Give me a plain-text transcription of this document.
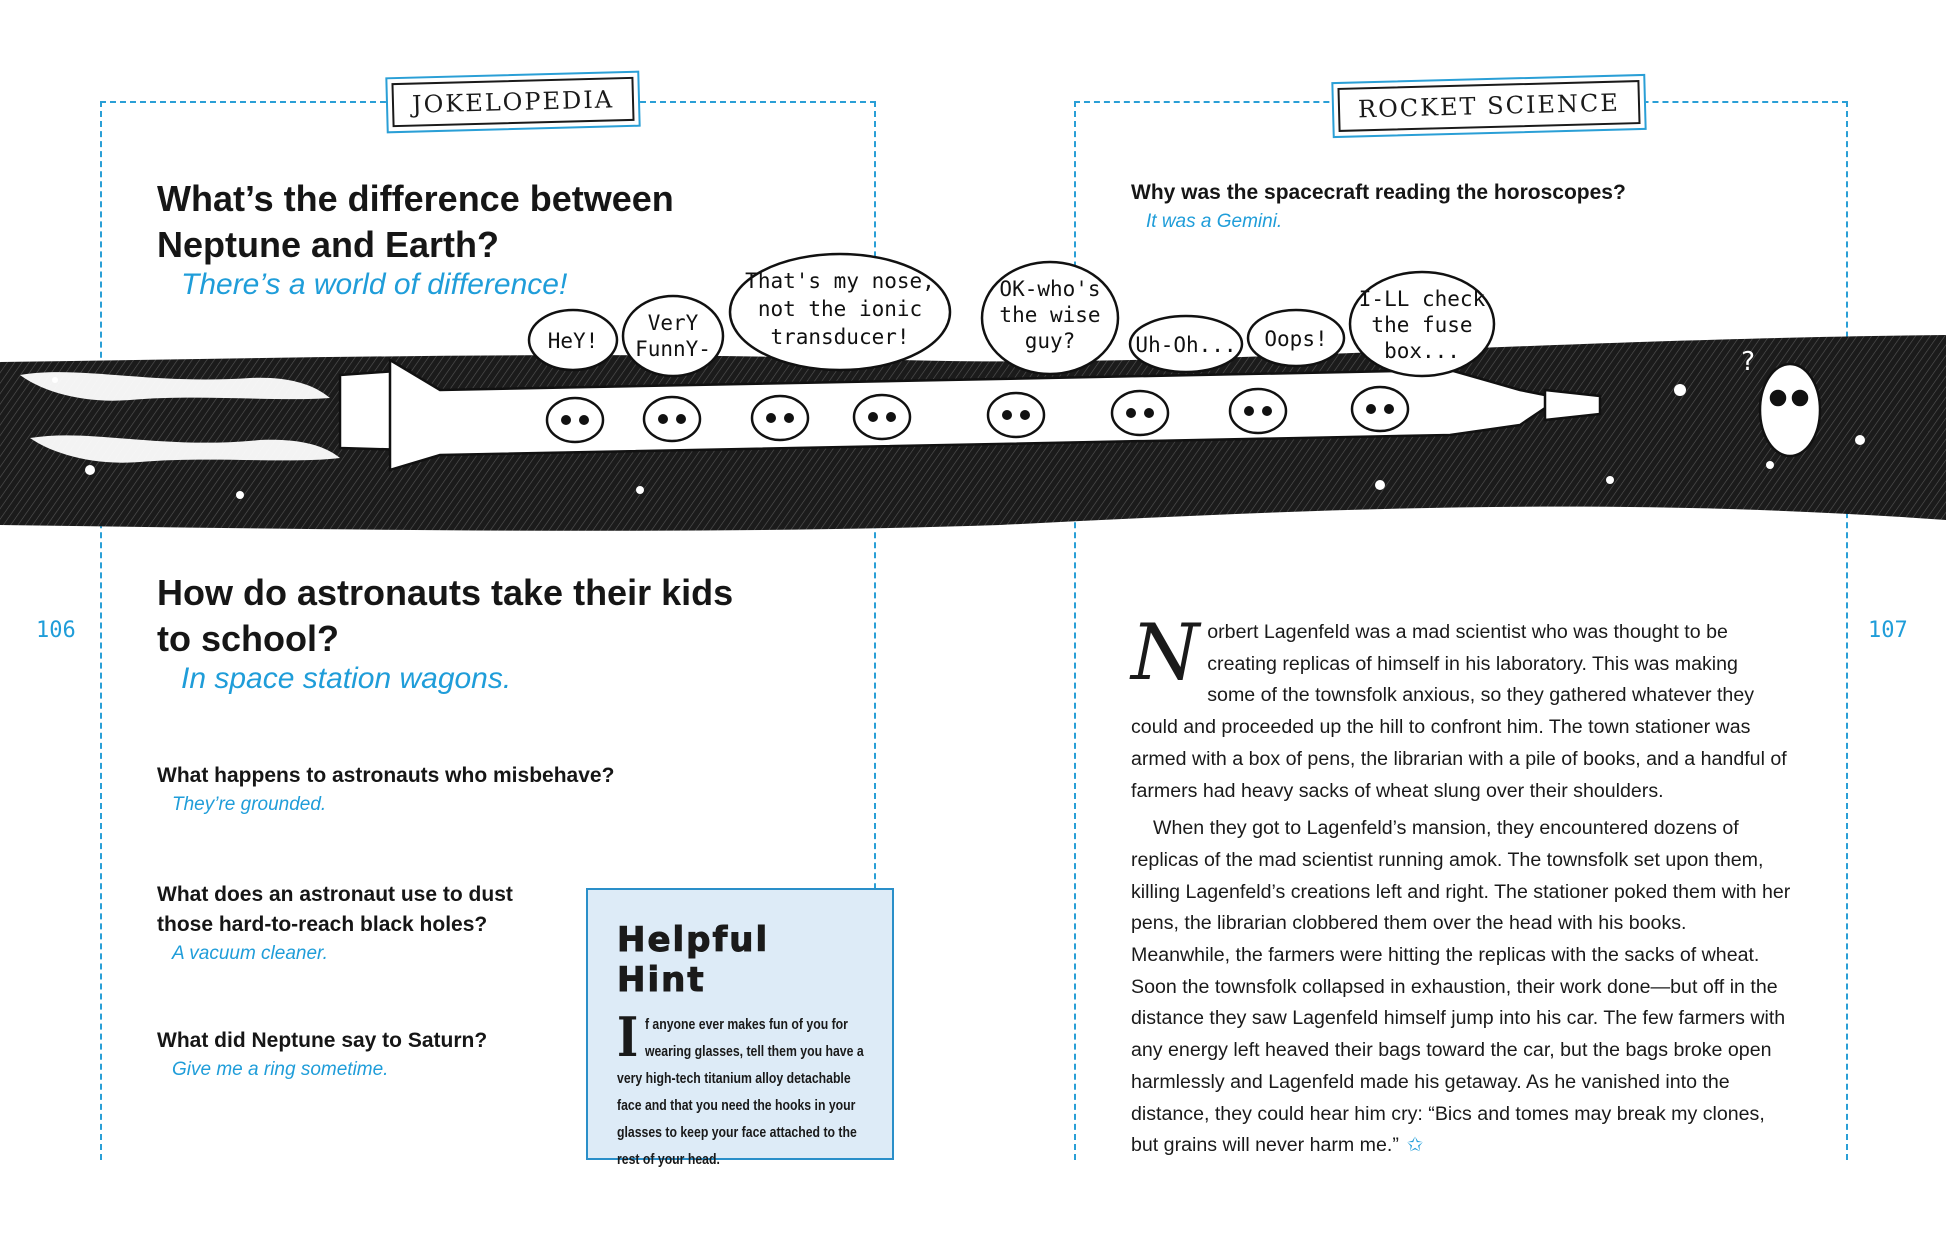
JOKELOPEDIA	ROCKET SCIENCE
106	107
What’s the difference between Neptune and Earth?
There’s a world of difference!
How do astronauts take their kids to school?
In space station wagons.
What happens to astronauts who misbehave?
They’re grounded.
What does an astronaut use to dust those hard-to-reach black holes?
A vacuum cleaner.
What did Neptune say to Saturn?
Give me a ring sometime.
Helpful Hint
If anyone ever makes fun of you for wearing glasses, tell them you have a very high-tech titanium alloy detachable face and that you need the hooks in your glasses to keep your face attached to the rest of your head.
Why was the spacecraft reading the horoscopes?
It was a Gemini.

Norbert Lagenfeld was a mad scientist who was thought to be creating replicas of himself in his laboratory. This was making some of the townsfolk anxious, so they gathered whatever they could and proceeded up the hill to confront him. The town stationer was armed with a box of pens, the librarian with a pile of books, and a handful of farmers had heavy sacks of wheat slung over their shoulders.

When they got to Lagenfeld’s mansion, they encountered dozens of replicas of the mad scientist running amok. The townsfolk set upon them, killing Lagenfeld’s creations left and right. The stationer poked them with her pens, the librarian clobbered them over the head with his books. Meanwhile, the farmers were hitting the replicas with the sacks of wheat. Soon the townsfolk collapsed in exhaustion, their work done—but off in the distance they saw Lagenfeld himself jump into his car. The few farmers with any energy left heaved their bags toward the car, but the bags broke open harmlessly and Lagenfeld made his getaway. As he vanished into the distance, they could hear him cry: “Bics and tomes may break my clones, but grains will never harm me.” ✩

?
HeY!
VerY
FunnY-
That's my nose,
not the ionic
transducer!
OK-who's
the wise
guy?	Uh-Oh... Oops!
I-LL check
the fuse
box...
